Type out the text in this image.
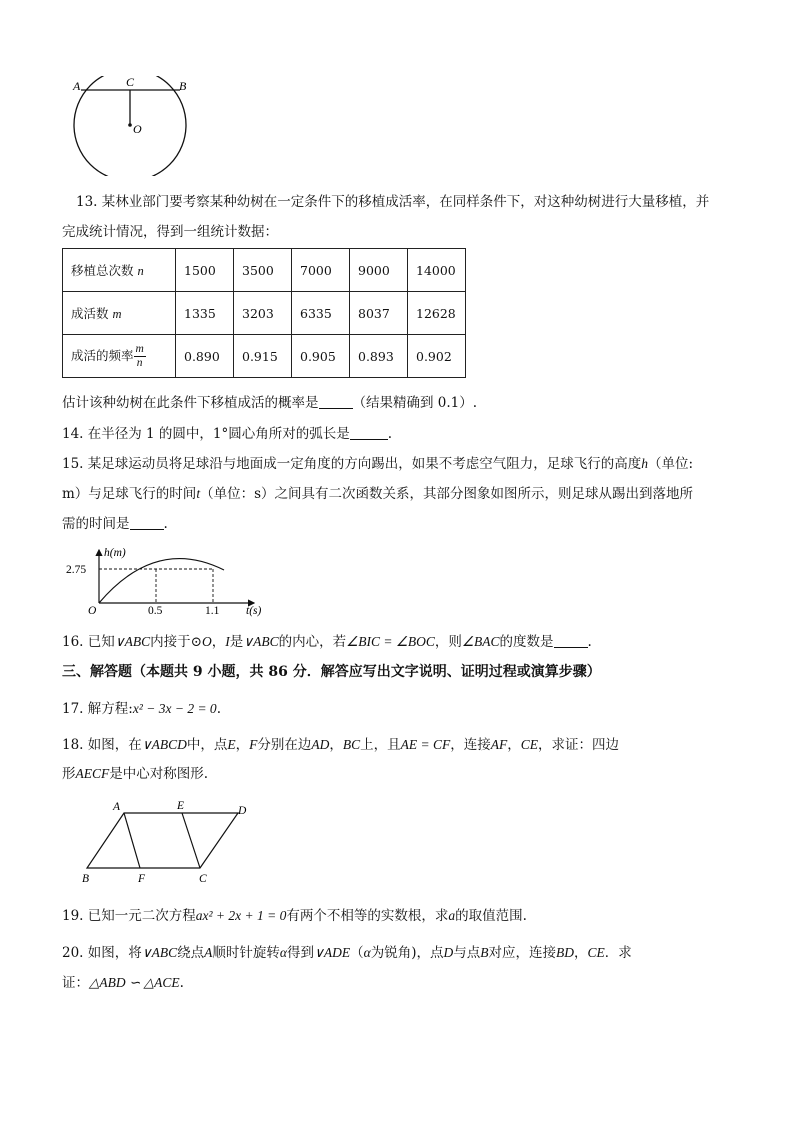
A	C	B
O
13. 某林业部门要考察某种幼树在一定条件下的移植成活率，在同样条件下，对这种幼树进行大量移植，并
完成统计情况，得到一组统计数据：
移植总次数 n	1500	3500	7000	9000	14000
成活数 m	1335	3203	6335	8037	12628
成活的频率 $\frac{m}{n}$	0.890	0.915	0.905	0.893	0.902
估计该种幼树在此条件下移植成活的概率是	（结果精确到 0.1）.
14. 在半径为 1 的圆中，1°圆心角所对的弧长是	.
15. 某足球运动员将足球沿与地面成一定角度的方向踢出，如果不考虑空气阻力，足球飞行的高度h（单位:
m）与足球飞行的时间t（单位：s）之间具有二次函数关系，其部分图象如图所示，则足球从踢出到落地所
需的时间是	.
h(m)
2.75
O	0.5	1.1 t(s)
16. 已知∨ABC内接于⊙O，I是∨ABC的内心，若∠BIC = ∠BOC，则∠BAC的度数是	.
三、解答题（本题共 9 小题，共 86 分．解答应写出文字说明、证明过程或演算步骤）
17. 解方程:x² − 3x − 2 = 0.
18. 如图，在∨ABCD中，点E，F分别在边AD，BC上，且AE = CF，连接AF，CE，求证：四边
形AECF是中心对称图形.
A	E	D
B	F	C
19. 已知一元二次方程ax² + 2x + 1 = 0有两个不相等的实数根，求a的取值范围.
20. 如图，将∨ABC绕点A顺时针旋转α得到∨ADE（α为锐角)，点D与点B对应，连接BD，CE．求
证：△ABD ∽ △ACE.
